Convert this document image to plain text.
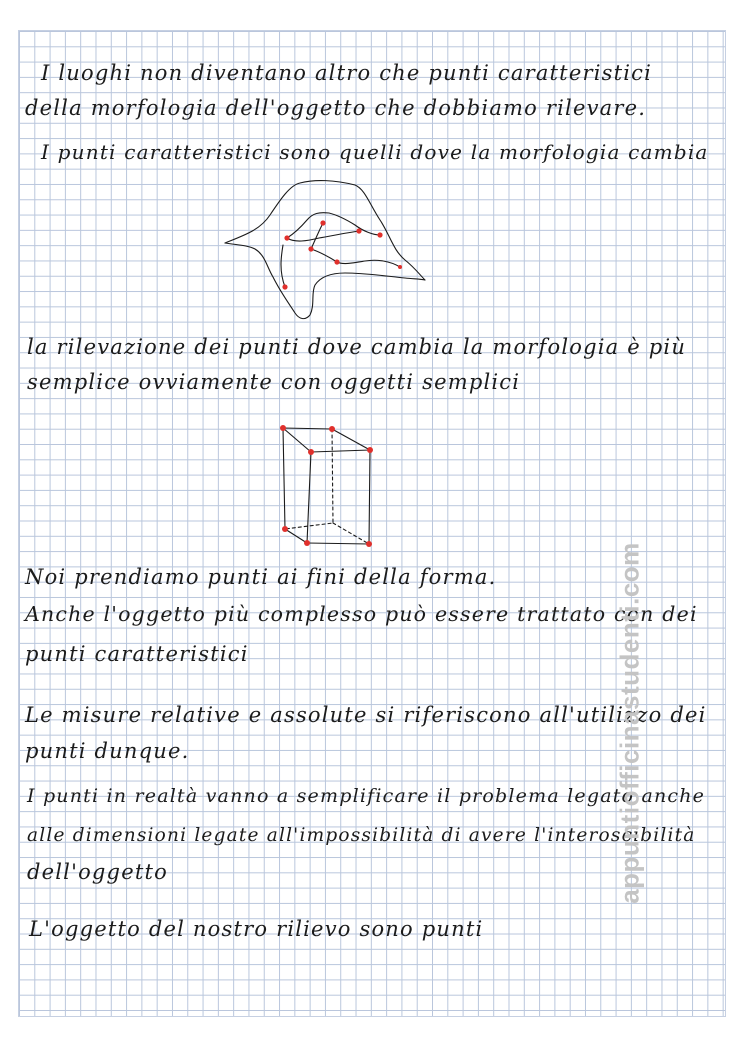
I luoghi non diventano altro che punti caratteristici
della morfologia dell'oggetto che dobbiamo rilevare.
I punti caratteristici sono quelli dove la morfologia cambia
la rilevazione dei punti dove cambia la morfologia è più
semplice ovviamente con oggetti semplici
Noi prendiamo punti ai fini della forma.
Anche l'oggetto più complesso può essere trattato con dei
punti caratteristici
Le misure relative e assolute si riferiscono all'utilizzo dei
punti dunque.
I punti in realtà vanno a semplificare il problema legato anche
alle dimensioni legate all'impossibilità di avere l'interoscibilità
dell'oggetto
L'oggetto del nostro rilievo sono punti
appuntiofficinastudenti.com
